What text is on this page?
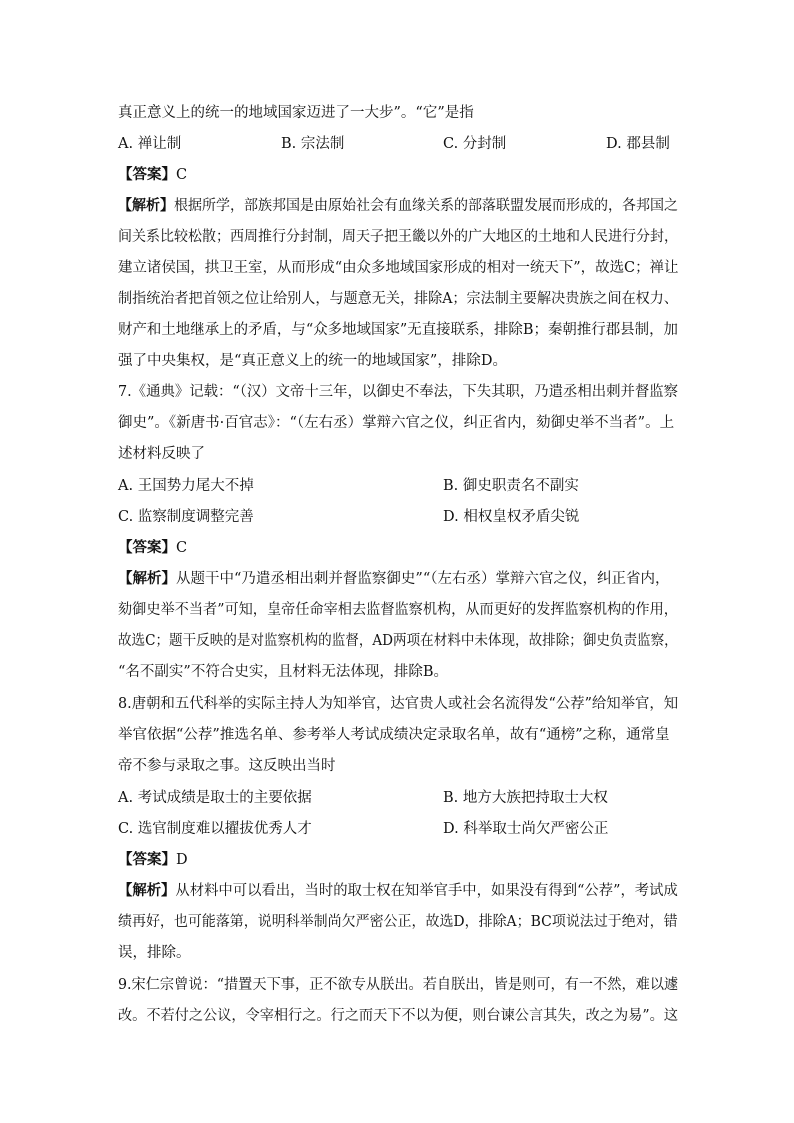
真正意义上的统一的地域国家迈进了一大步”。“它”是指
A. 禅让制	B. 宗法制	C. 分封制	D. 郡县制
【答案】C
【解析】根据所学，部族邦国是由原始社会有血缘关系的部落联盟发展而形成的，各邦国之
间关系比较松散；西周推行分封制，周天子把王畿以外的广大地区的土地和人民进行分封，
建立诸侯国，拱卫王室，从而形成“由众多地域国家形成的相对一统天下”，故选C；禅让
制指统治者把首领之位让给别人，与题意无关，排除A；宗法制主要解决贵族之间在权力、
财产和土地继承上的矛盾，与“众多地域国家”无直接联系，排除B；秦朝推行郡县制，加
强了中央集权，是“真正意义上的统一的地域国家”，排除D。
7.《通典》记载：“（汉）文帝十三年，以御史不奉法，下失其职，乃遣丞相出刺并督监察
御史”。《新唐书·百官志》：“（左右丞）掌辩六官之仪，纠正省内，劾御史举不当者”。上
述材料反映了
A. 王国势力尾大不掉	B. 御史职责名不副实
C. 监察制度调整完善	D. 相权皇权矛盾尖锐
【答案】C
【解析】从题干中“乃遣丞相出刺并督监察御史”“（左右丞）掌辩六官之仪，纠正省内，
劾御史举不当者”可知，皇帝任命宰相去监督监察机构，从而更好的发挥监察机构的作用，
故选C；题干反映的是对监察机构的监督，AD两项在材料中未体现，故排除；御史负责监察，
“名不副实”不符合史实，且材料无法体现，排除B。
8.唐朝和五代科举的实际主持人为知举官，达官贵人或社会名流得发“公荐”给知举官，知
举官依据“公荐”推选名单、参考举人考试成绩决定录取名单，故有“通榜”之称，通常皇
帝不参与录取之事。这反映出当时
A. 考试成绩是取士的主要依据	B. 地方大族把持取士大权
C. 选官制度难以擢拔优秀人才	D. 科举取士尚欠严密公正
【答案】D
【解析】从材料中可以看出，当时的取士权在知举官手中，如果没有得到“公荐”，考试成
绩再好，也可能落第，说明科举制尚欠严密公正，故选D，排除A；BC项说法过于绝对，错
误，排除。
9.宋仁宗曾说：“措置天下事，正不欲专从朕出。若自朕出，皆是则可，有一不然，难以遽
改。不若付之公议，令宰相行之。行之而天下不以为便，则台谏公言其失，改之为易”。这
